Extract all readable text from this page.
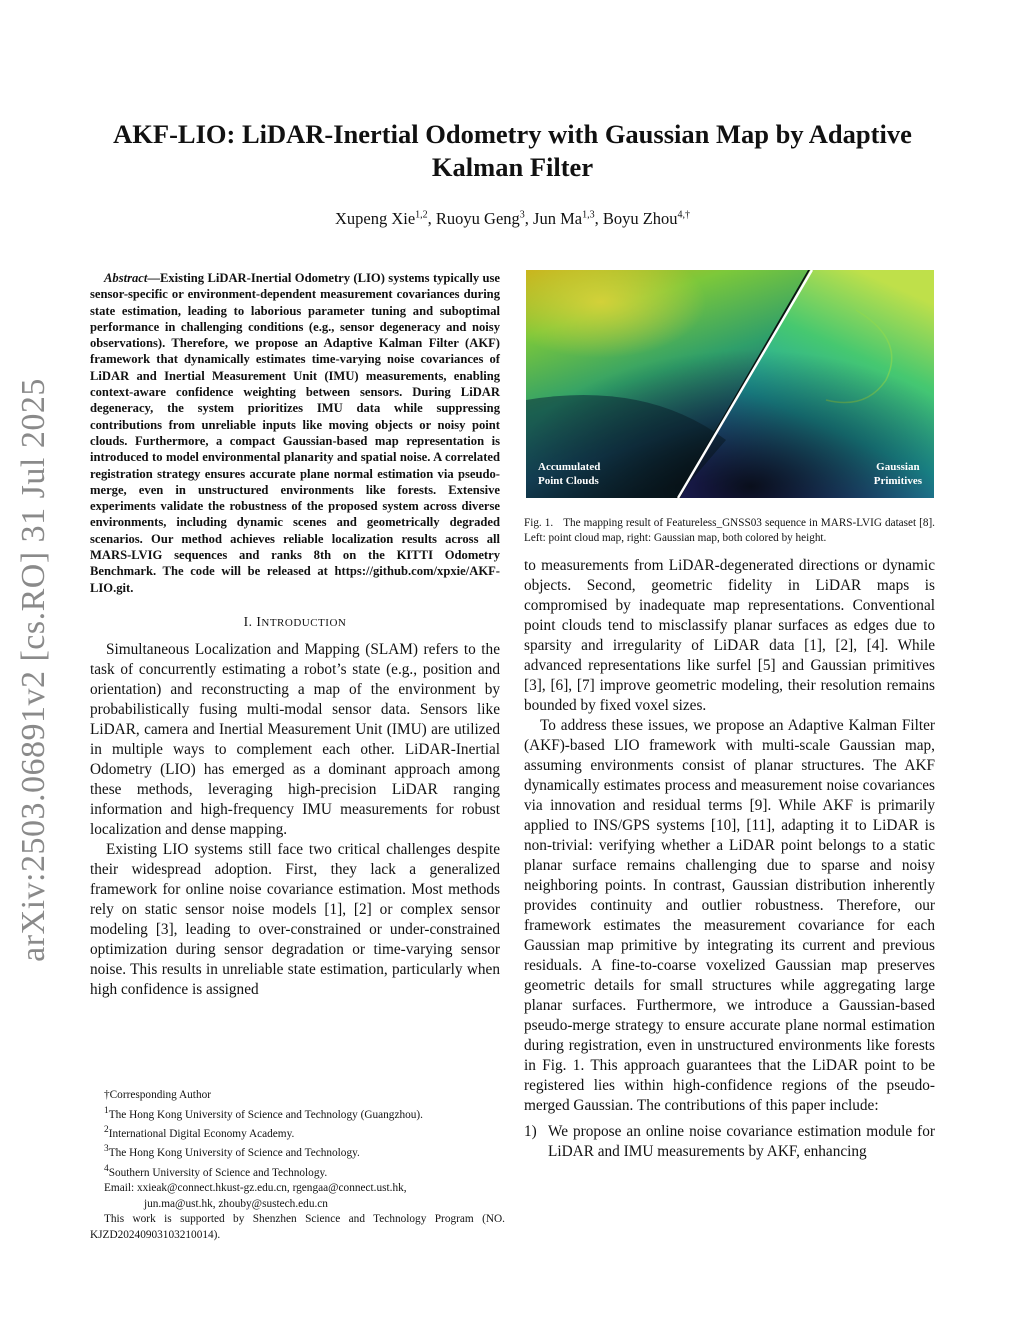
arXiv:2503.06891v2 [cs.RO] 31 Jul 2025
AKF-LIO: LiDAR-Inertial Odometry with Gaussian Map by Adaptive Kalman Filter
Xupeng Xie$^{1,2}$, Ruoyu Geng$^3$, Jun Ma$^{1,3}$, Boyu Zhou$^{4,\dagger}$

Abstract—Existing LiDAR-Inertial Odometry (LIO) systems typically use sensor-specific or environment-dependent measurement covariances during state estimation, leading to laborious parameter tuning and suboptimal performance in challenging conditions (e.g., sensor degeneracy and noisy observations). Therefore, we propose an Adaptive Kalman Filter (AKF) framework that dynamically estimates time-varying noise covariances of LiDAR and Inertial Measurement Unit (IMU) measurements, enabling context-aware confidence weighting between sensors. During LiDAR degeneracy, the system prioritizes IMU data while suppressing contributions from unreliable inputs like moving objects or noisy point clouds. Furthermore, a compact Gaussian-based map representation is introduced to model environmental planarity and spatial noise. A correlated registration strategy ensures accurate plane normal estimation via pseudo-merge, even in unstructured environments like forests. Extensive experiments validate the robustness of the proposed system across diverse environments, including dynamic scenes and geometrically degraded scenarios. Our method achieves reliable localization results across all MARS-LVIG sequences and ranks 8th on the KITTI Odometry Benchmark. The code will be released at https://github.com/xpxie/AKF-LIO.git.

I. INTRODUCTION

Simultaneous Localization and Mapping (SLAM) refers to the task of concurrently estimating a robot’s state (e.g., position and orientation) and reconstructing a map of the environment by probabilistically fusing multi-modal sensor data. Sensors like LiDAR, camera and Inertial Measurement Unit (IMU) are utilized in multiple ways to complement each other. LiDAR-Inertial Odometry (LIO) has emerged as a dominant approach among these methods, leveraging high-precision LiDAR ranging information and high-frequency IMU measurements for robust localization and dense mapping.

Existing LIO systems still face two critical challenges despite their widespread adoption. First, they lack a generalized framework for online noise covariance estimation. Most methods rely on static sensor noise models [1], [2] or complex sensor modeling [3], leading to over-constrained or under-constrained optimization during sensor degradation or time-varying sensor noise. This results in unreliable state estimation, particularly when high confidence is assigned

†Corresponding Author
$^1$The Hong Kong University of Science and Technology (Guangzhou).
$^2$International Digital Economy Academy.
$^3$The Hong Kong University of Science and Technology.
$^4$Southern University of Science and Technology.
Email: xxieak@connect.hkust-gz.edu.cn, rgengaa@connect.ust.hk,
jun.ma@ust.hk, zhouby@sustech.edu.cn
This work is supported by Shenzhen Science and Technology Program (NO. KJZD20240903103210014).
Accumulated
Point Clouds
Gaussian
Primitives

Fig. 1. The mapping result of Featureless_GNSS03 sequence in MARS-LVIG dataset [8]. Left: point cloud map, right: Gaussian map, both colored by height.

to measurements from LiDAR-degenerated directions or dynamic objects. Second, geometric fidelity in LiDAR maps is compromised by inadequate map representations. Conventional point clouds tend to misclassify planar surfaces as edges due to sparsity and irregularity of LiDAR data [1], [2], [4]. While advanced representations like surfel [5] and Gaussian primitives [3], [6], [7] improve geometric modeling, their resolution remains bounded by fixed voxel sizes.

To address these issues, we propose an Adaptive Kalman Filter (AKF)-based LIO framework with multi-scale Gaussian map, assuming environments consist of planar structures. The AKF dynamically estimates process and measurement noise covariances via innovation and residual terms [9]. While AKF is primarily applied to INS/GPS systems [10], [11], adapting it to LiDAR is non-trivial: verifying whether a LiDAR point belongs to a static planar surface remains challenging due to sparse and noisy neighboring points. In contrast, Gaussian distribution inherently provides continuity and outlier robustness. Therefore, our framework estimates the measurement covariance for each Gaussian map primitive by integrating its current and previous residuals. A fine-to-coarse voxelized Gaussian map preserves geometric details for small structures while aggregating large planar surfaces. Furthermore, we introduce a Gaussian-based pseudo-merge strategy to ensure accurate plane normal estimation during registration, even in unstructured environments like forests in Fig. 1. This approach guarantees that the LiDAR point to be registered lies within high-confidence regions of the pseudo-merged Gaussian. The contributions of this paper include:

1) We propose an online noise covariance estimation module for LiDAR and IMU measurements by AKF, enhancing
